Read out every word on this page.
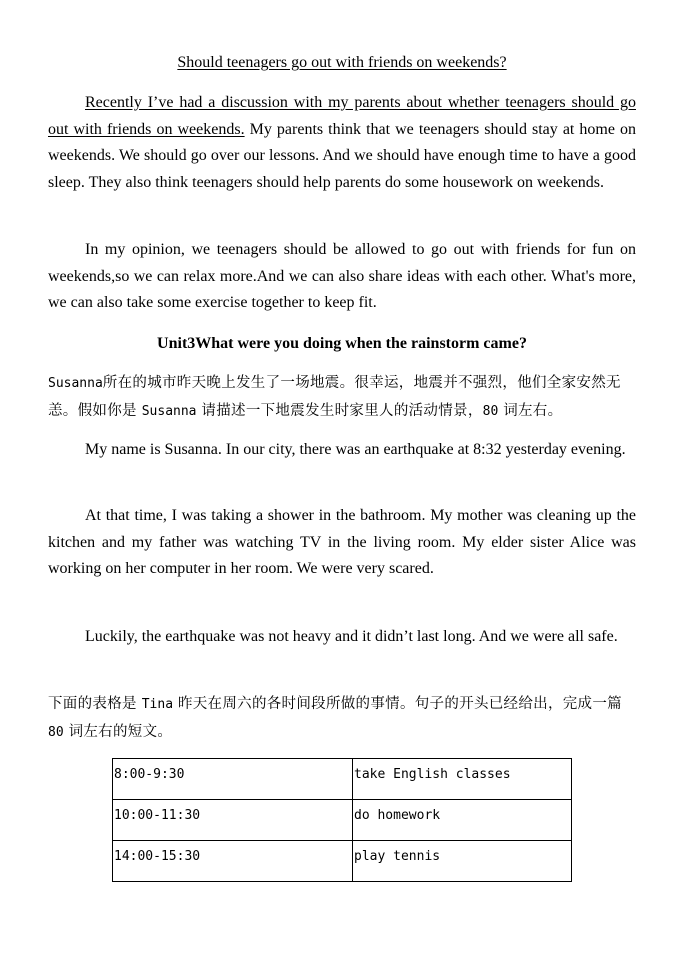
Should teenagers go out with friends on weekends?

Recently I’ve had a discussion with my parents about whether teenagers should go out with friends on weekends. My parents think that we teenagers should stay at home on weekends. We should go over our lessons. And we should have enough time to have a good sleep. They also think teenagers should help parents do some housework on weekends.

In my opinion, we teenagers should be allowed to go out with friends for fun on weekends,so we can relax more.And we can also share ideas with each other. What's more, we can also take some exercise together to keep fit.

Unit3What were you doing when the rainstorm came?

Susanna所在的城市昨天晚上发生了一场地震。很幸运，地震并不强烈，他们全家安然无恙。假如你是 Susanna 请描述一下地震发生时家里人的活动情景，80 词左右。

My name is Susanna. In our city, there was an earthquake at 8:32 yesterday evening.

At that time, I was taking a shower in the bathroom. My mother was cleaning up the kitchen and my father was watching TV in the living room. My elder sister Alice was working on her computer in her room. We were very scared.

Luckily, the earthquake was not heavy and it didn’t last long. And we were all safe.

下面的表格是 Tina 昨天在周六的各时间段所做的事情。句子的开头已经给出，完成一篇 80 词左右的短文。

8:00-9:30	take English classes
10:00-11:30	do homework
14:00-15:30	play tennis
